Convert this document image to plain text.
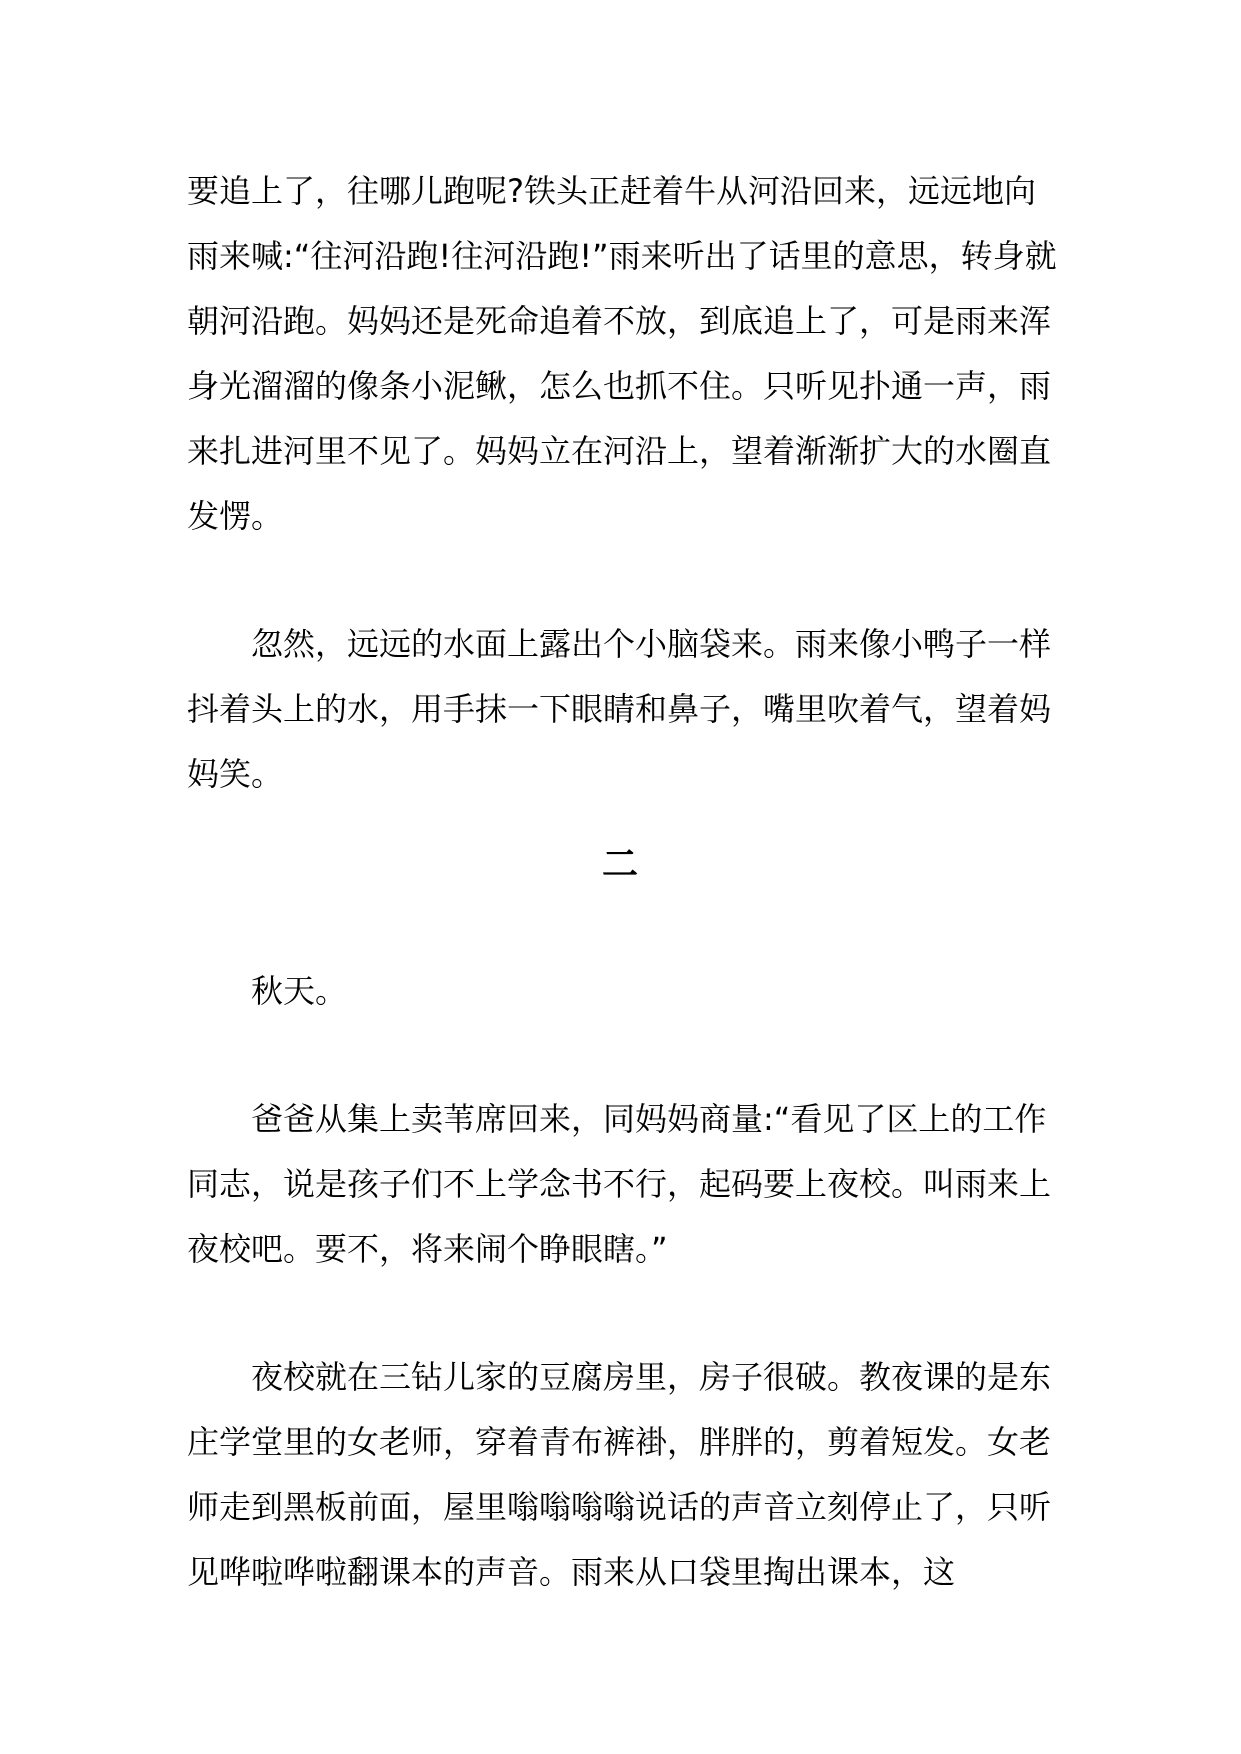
要追上了，往哪儿跑呢?铁头正赶着牛从河沿回来，远远地向雨来喊:“往河沿跑!往河沿跑!”雨来听出了话里的意思，转身就朝河沿跑。妈妈还是死命追着不放，到底追上了，可是雨来浑身光溜溜的像条小泥鳅，怎么也抓不住。只听见扑通一声，雨来扎进河里不见了。妈妈立在河沿上，望着渐渐扩大的水圈直发愣。

忽然，远远的水面上露出个小脑袋来。雨来像小鸭子一样抖着头上的水，用手抹一下眼睛和鼻子，嘴里吹着气，望着妈妈笑。

二

秋天。

爸爸从集上卖苇席回来，同妈妈商量:“看见了区上的工作同志，说是孩子们不上学念书不行，起码要上夜校。叫雨来上夜校吧。要不，将来闹个睁眼瞎。”

夜校就在三钻儿家的豆腐房里，房子很破。教夜课的是东庄学堂里的女老师，穿着青布裤褂，胖胖的，剪着短发。女老师走到黑板前面，屋里嗡嗡嗡嗡说话的声音立刻停止了，只听见哗啦哗啦翻课本的声音。雨来从口袋里掏出课本，这
